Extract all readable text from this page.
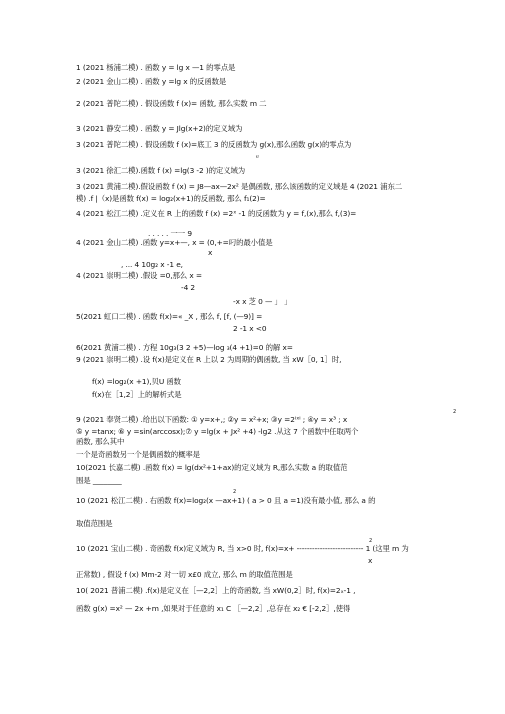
1 (2021 杨浦二模) . 函数 y = lg x —1 的零点是
2 (2021 金山二模) . 函数 y =lg x 的反函数是
2 (2021 普陀二模) . 假设函数 f (x)= 函数, 那么实数 m 二
3 (2021 静安二模) . 函数 y = Jlg(x+2)的定义域为
3 (2021 普陀二模) . 假设函数 f (x)=底工 3 的反函数为 g(x),那么函数 g(x)的零点为
ｅ
3 (2021 徐汇二模).函数 f (x) =lg(3 -2 )的定义域为
3 (2021 黄浦二模).假设函数 f (x) = J8—ax—2x² 是偶函数, 那么该函数的定义域是 4 (2021 浦东二
模) .f |（x)是函数 f(x) = log₂(x+1)的反函数, 那么 f₁(2)=
4 (2021 松江二模) .定义在 R 上的函数 f (x) =2ˣ -1 的反函数为 y = f,(x),那么 f,(3)=
. . . . . 一一 9
4 (2021 金山二模) .函数 y=x+—, x = (0,+=叼的最小值是
x
, ... 4 10g₂ x -1 e,
4 (2021 崇明二模) .假设 =0,那么 x =
-4 2
-x x 芝 0 — 」 」
5(2021 虹口二模) . 函数 f(x)=« _X , 那么 f, [f, (—9)] =
2 -1 x <0
6(2021 黄浦二模) . 方程 10g₃(3 2 +5)—log ₃(4 +1)=0 的解 x=
9 (2021 崇明二模) .设 f(x)是定义在 R 上以 2 为周期的偶函数, 当 xW［0, 1］时,
f(x) =log₂(x +1),贝U 函数
f(x)在［1,2］上的解析式是
2
9 (2021 奉贤二模) .给出以下函数: ① y=x+,; ②y = x²+x; ③y =2ᴵˣᴵ ; ④y = x³ ; x
⑤ y =tanx; ⑥ y =sin(arccosx);⑦ y =lg(x + Jx² +4) -lg2 .从这 7 个函数中任取两个
函数, 那么其中
一个是奇函数另一个是偶函数的概率是
10(2021 长嘉二模) .函数 f(x) = lg(dx²+1+ax)的定义域为 R,那么实数 a 的取值范
围是 ________
2
10 (2021 松江二模) . 右函数 f(x)=log₂(x —ax+1) ( a > 0 且 a =1)没有最小值, 那么 a 的
取值范围是
2
10 (2021 宝山二模) . 奇函数 f(x)定义域为 R, 当 x>0 时, f(x)=x+ -------------------------- 1 (这里 m 为
x
正常数) , 假设 f (x) Mm-2 对一切 x£0 成立, 那么 m 的取值范围是
10( 2021 普浦二模) .f(x)是定义在［—2,2］上的奇函数, 当 xW(0,2］时, f(x)=2ₓ-1 ,
函数 g(x) =x² — 2x +m ,如果对于任意的 x₁ C ［—2,2］,总存在 x₂ € [-2,2］,使得
